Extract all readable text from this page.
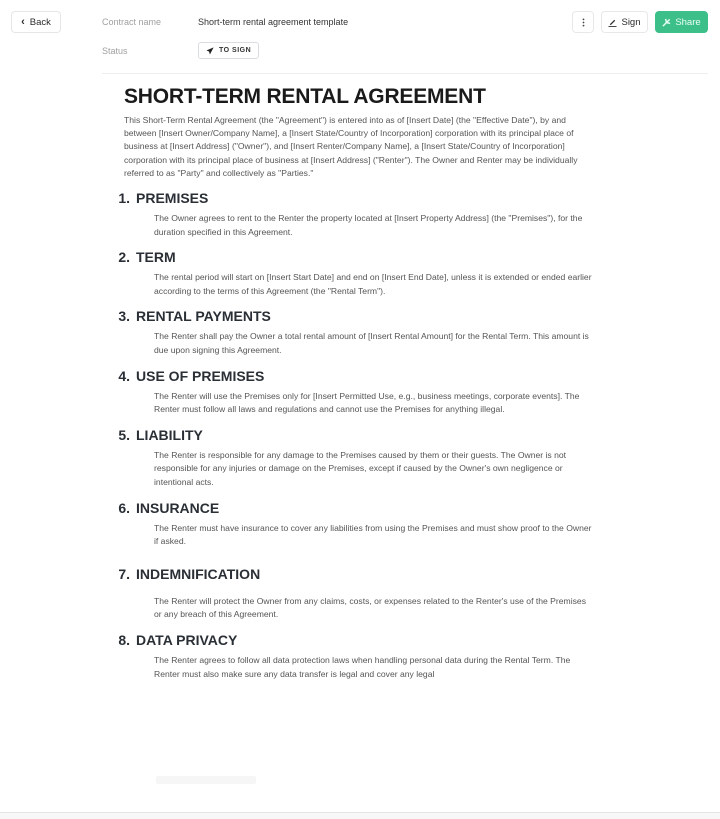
‹ Back	Contract name	Short-term rental agreement template
Status	TO SIGN
Sign	Share
SHORT-TERM RENTAL AGREEMENT

This Short-Term Rental Agreement (the "Agreement") is entered into as of [Insert Date] (the "Effective Date"), by and between [Insert Owner/Company Name], a [Insert State/Country of Incorporation] corporation with its principal place of business at [Insert Address] ("Owner"), and [Insert Renter/Company Name], a [Insert State/Country of Incorporation] corporation with its principal place of business at [Insert Address] ("Renter"). The Owner and Renter may be individually referred to as "Party" and collectively as "Parties."

1. PREMISES

The Owner agrees to rent to the Renter the property located at [Insert Property Address] (the "Premises"), for the duration specified in this Agreement.

2. TERM

The rental period will start on [Insert Start Date] and end on [Insert End Date], unless it is extended or ended earlier according to the terms of this Agreement (the "Rental Term").

3. RENTAL PAYMENTS

The Renter shall pay the Owner a total rental amount of [Insert Rental Amount] for the Rental Term. This amount is due upon signing this Agreement.

4. USE OF PREMISES

The Renter will use the Premises only for [Insert Permitted Use, e.g., business meetings, corporate events]. The Renter must follow all laws and regulations and cannot use the Premises for anything illegal.

5. LIABILITY

The Renter is responsible for any damage to the Premises caused by them or their guests. The Owner is not responsible for any injuries or damage on the Premises, except if caused by the Owner's own negligence or intentional acts.

6. INSURANCE

The Renter must have insurance to cover any liabilities from using the Premises and must show proof to the Owner if asked.

7. INDEMNIFICATION

The Renter will protect the Owner from any claims, costs, or expenses related to the Renter's use of the Premises or any breach of this Agreement.

8. DATA PRIVACY

The Renter agrees to follow all data protection laws when handling personal data during the Rental Term. The Renter must also make sure any data transfer is legal and cover any legal
